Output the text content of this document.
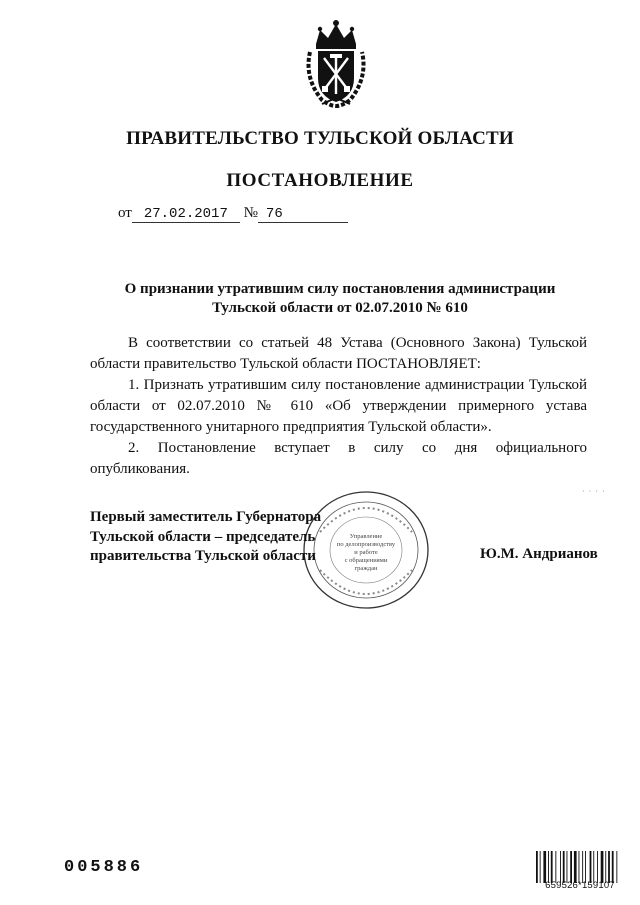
ПРАВИТЕЛЬСТВО ТУЛЬСКОЙ ОБЛАСТИ
ПОСТАНОВЛЕНИЕ
от 27.02.2017 № 76
О признании утратившим силу постановления администрации
Тульской области от 02.07.2010 № 610

В соответствии со статьей 48 Устава (Основного Закона) Тульской области правительство Тульской области ПОСТАНОВЛЯЕТ:

1. Признать утратившим силу постановление администрации Тульской области от 02.07.2010 № 610 «Об утверждении примерного устава государственного унитарного предприятия Тульской области».

2. Постановление вступает в силу со дня официального опубликования.

Управление
по делопроизводству
и работе
с обращениями
граждан
· · · ·
Первый заместитель Губернатора
Тульской области – председатель
правительства Тульской области	Ю.М. Андрианов
005886
659526*159107
